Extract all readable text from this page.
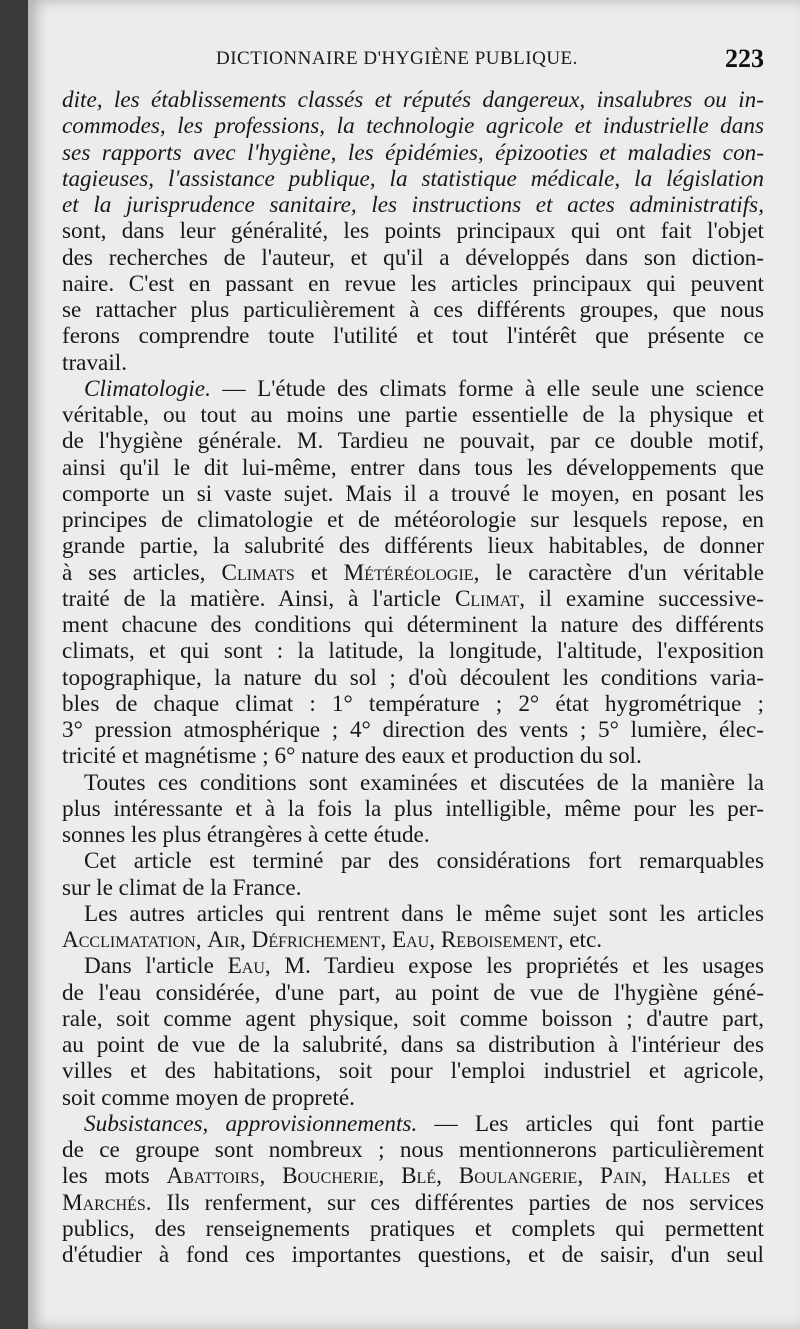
DICTIONNAIRE D'HYGIÈNE PUBLIQUE.	223
dite, les établissements classés et réputés dangereux, insalubres ou in-
commodes, les professions, la technologie agricole et industrielle dans
ses rapports avec l'hygiène, les épidémies, épizooties et maladies con-
tagieuses, l'assistance publique, la statistique médicale, la législation
et la jurisprudence sanitaire, les instructions et actes administratifs,
sont, dans leur généralité, les points principaux qui ont fait l'objet
des recherches de l'auteur, et qu'il a développés dans son diction-
naire. C'est en passant en revue les articles principaux qui peuvent
se rattacher plus particulièrement à ces différents groupes, que nous
ferons comprendre toute l'utilité et tout l'intérêt que présente ce
travail.
Climatologie. — L'étude des climats forme à elle seule une science
véritable, ou tout au moins une partie essentielle de la physique et
de l'hygiène générale. M. Tardieu ne pouvait, par ce double motif,
ainsi qu'il le dit lui-même, entrer dans tous les développements que
comporte un si vaste sujet. Mais il a trouvé le moyen, en posant les
principes de climatologie et de météorologie sur lesquels repose, en
grande partie, la salubrité des différents lieux habitables, de donner
à ses articles, Climats et Météréologie, le caractère d'un véritable
traité de la matière. Ainsi, à l'article Climat, il examine successive-
ment chacune des conditions qui déterminent la nature des différents
climats, et qui sont : la latitude, la longitude, l'altitude, l'exposition
topographique, la nature du sol ; d'où découlent les conditions varia-
bles de chaque climat : 1° température ; 2° état hygrométrique ;
3° pression atmosphérique ; 4° direction des vents ; 5° lumière, élec-
tricité et magnétisme ; 6° nature des eaux et production du sol.
Toutes ces conditions sont examinées et discutées de la manière la
plus intéressante et à la fois la plus intelligible, même pour les per-
sonnes les plus étrangères à cette étude.
Cet article est terminé par des considérations fort remarquables
sur le climat de la France.
Les autres articles qui rentrent dans le même sujet sont les articles
Acclimatation, Air, Défrichement, Eau, Reboisement, etc.
Dans l'article Eau, M. Tardieu expose les propriétés et les usages
de l'eau considérée, d'une part, au point de vue de l'hygiène géné-
rale, soit comme agent physique, soit comme boisson ; d'autre part,
au point de vue de la salubrité, dans sa distribution à l'intérieur des
villes et des habitations, soit pour l'emploi industriel et agricole,
soit comme moyen de propreté.
Subsistances, approvisionnements. — Les articles qui font partie
de ce groupe sont nombreux ; nous mentionnerons particulièrement
les mots Abattoirs, Boucherie, Blé, Boulangerie, Pain, Halles et
Marchés. Ils renferment, sur ces différentes parties de nos services
publics, des renseignements pratiques et complets qui permettent
d'étudier à fond ces importantes questions, et de saisir, d'un seul
